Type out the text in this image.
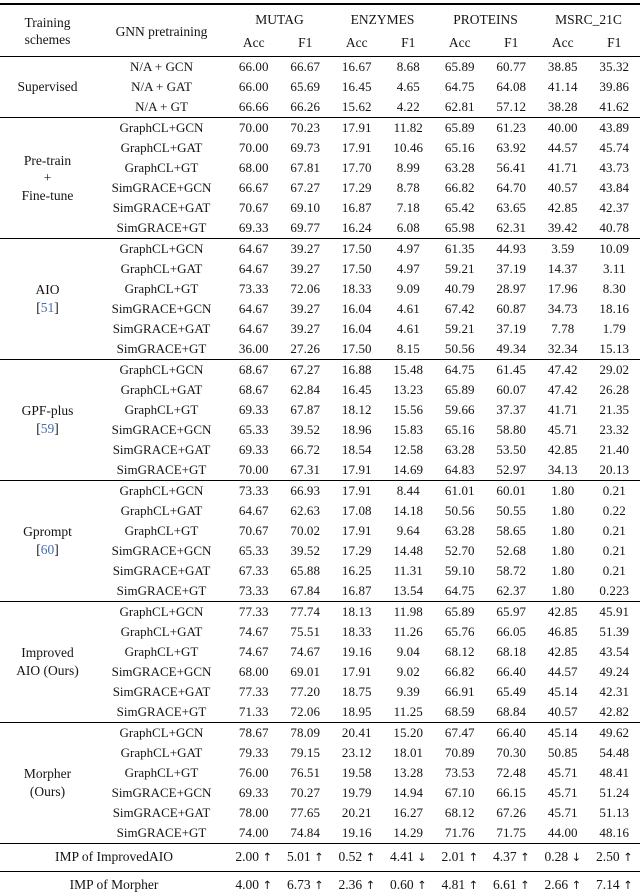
Training
schemes	GNN pretraining	MUTAG		ENZYMES		PROTEINS		MSRC_21C	
		Acc	F1	Acc	F1	Acc	F1	Acc	F1

Supervised	N/A + GCN	66.00	66.67	16.67	8.68	65.89	60.77	38.85	35.32
	N/A + GAT	66.00	65.69	16.45	4.65	64.75	64.08	41.14	39.86
	N/A + GT	66.66	66.26	15.62	4.22	62.81	57.12	38.28	41.62

Pre-train
+
Fine-tune	GraphCL+GCN	70.00	70.23	17.91	11.82	65.89	61.23	40.00	43.89
	GraphCL+GAT	70.00	69.73	17.91	10.46	65.16	63.92	44.57	45.74
	GraphCL+GT	68.00	67.81	17.70	8.99	63.28	56.41	41.71	43.73
	SimGRACE+GCN	66.67	67.27	17.29	8.78	66.82	64.70	40.57	43.84
	SimGRACE+GAT	70.67	69.10	16.87	7.18	65.42	63.65	42.85	42.37
	SimGRACE+GT	69.33	69.77	16.24	6.08	65.98	62.31	39.42	40.78

AIO
[51]	GraphCL+GCN	64.67	39.27	17.50	4.97	61.35	44.93	3.59	10.09
	GraphCL+GAT	64.67	39.27	17.50	4.97	59.21	37.19	14.37	3.11
	GraphCL+GT	73.33	72.06	18.33	9.09	40.79	28.97	17.96	8.30
	SimGRACE+GCN	64.67	39.27	16.04	4.61	67.42	60.87	34.73	18.16
	SimGRACE+GAT	64.67	39.27	16.04	4.61	59.21	37.19	7.78	1.79
	SimGRACE+GT	36.00	27.26	17.50	8.15	50.56	49.34	32.34	15.13

GPF-plus
[59]	GraphCL+GCN	68.67	67.27	16.88	15.48	64.75	61.45	47.42	29.02
	GraphCL+GAT	68.67	62.84	16.45	13.23	65.89	60.07	47.42	26.28
	GraphCL+GT	69.33	67.87	18.12	15.56	59.66	37.37	41.71	21.35
	SimGRACE+GCN	65.33	39.52	18.96	15.83	65.16	58.80	45.71	23.32
	SimGRACE+GAT	69.33	66.72	18.54	12.58	63.28	53.50	42.85	21.40
	SimGRACE+GT	70.00	67.31	17.91	14.69	64.83	52.97	34.13	20.13

Gprompt
[60]	GraphCL+GCN	73.33	66.93	17.91	8.44	61.01	60.01	1.80	0.21
	GraphCL+GAT	64.67	62.63	17.08	14.18	50.56	50.55	1.80	0.22
	GraphCL+GT	70.67	70.02	17.91	9.64	63.28	58.65	1.80	0.21
	SimGRACE+GCN	65.33	39.52	17.29	14.48	52.70	52.68	1.80	0.21
	SimGRACE+GAT	67.33	65.88	16.25	11.31	59.10	58.72	1.80	0.21
	SimGRACE+GT	73.33	67.84	16.87	13.54	64.75	62.37	1.80	0.223

Improved
AIO (Ours)	GraphCL+GCN	77.33	77.74	18.13	11.98	65.89	65.97	42.85	45.91
	GraphCL+GAT	74.67	75.51	18.33	11.26	65.76	66.05	46.85	51.39
	GraphCL+GT	74.67	74.67	19.16	9.04	68.12	68.18	42.85	43.54
	SimGRACE+GCN	68.00	69.01	17.91	9.02	66.82	66.40	44.57	49.24
	SimGRACE+GAT	77.33	77.20	18.75	9.39	66.91	65.49	45.14	42.31
	SimGRACE+GT	71.33	72.06	18.95	11.25	68.59	68.84	40.57	42.82

Morpher
(Ours)	GraphCL+GCN	78.67	78.09	20.41	15.20	67.47	66.40	45.14	49.62
	GraphCL+GAT	79.33	79.15	23.12	18.01	70.89	70.30	50.85	54.48
	GraphCL+GT	76.00	76.51	19.58	13.28	73.53	72.48	45.71	48.41
	SimGRACE+GCN	69.33	70.27	19.79	14.94	67.10	66.15	45.71	51.24
	SimGRACE+GAT	78.00	77.65	20.21	16.27	68.12	67.26	45.71	51.13
	SimGRACE+GT	74.00	74.84	19.16	14.29	71.76	71.75	44.00	48.16
IMP of ImprovedAIO		2.00 ↑	5.01 ↑	0.52 ↑	4.41 ↓	2.01 ↑	4.37 ↑	0.28 ↓	2.50 ↑
IMP of Morpher		4.00 ↑	6.73 ↑	2.36 ↑	0.60 ↑	4.81 ↑	6.61 ↑	2.66 ↑	7.14 ↑
